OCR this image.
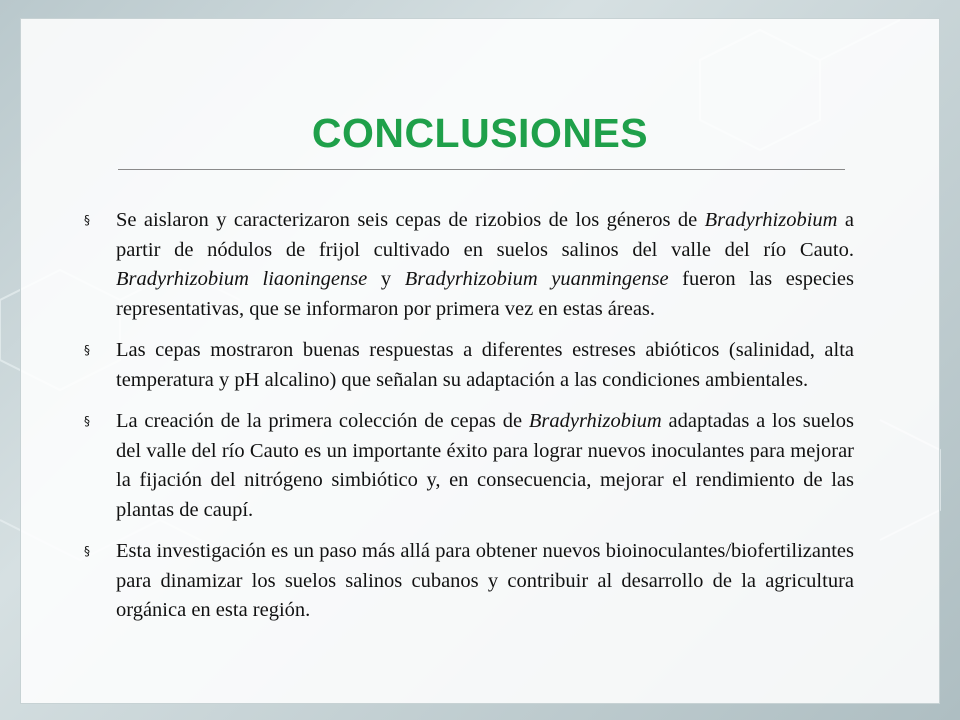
CONCLUSIONES
§ Se aislaron y caracterizaron seis cepas de rizobios de los géneros de Bradyrhizobium a partir de nódulos de frijol cultivado en suelos salinos del valle del río Cauto. Bradyrhizobium liaoningense y Bradyrhizobium yuanmingense fueron las especies representativas, que se informaron por primera vez en estas áreas.
§ Las cepas mostraron buenas respuestas a diferentes estreses abióticos (salinidad, alta temperatura y pH alcalino) que señalan su adaptación a las condiciones ambientales.
§ La creación de la primera colección de cepas de Bradyrhizobium adaptadas a los suelos del valle del río Cauto es un importante éxito para lograr nuevos inoculantes para mejorar la fijación del nitrógeno simbiótico y, en consecuencia, mejorar el rendimiento de las plantas de caupí.
§ Esta investigación es un paso más allá para obtener nuevos bioinoculantes/biofertilizantes para dinamizar los suelos salinos cubanos y contribuir al desarrollo de la agricultura orgánica en esta región.
